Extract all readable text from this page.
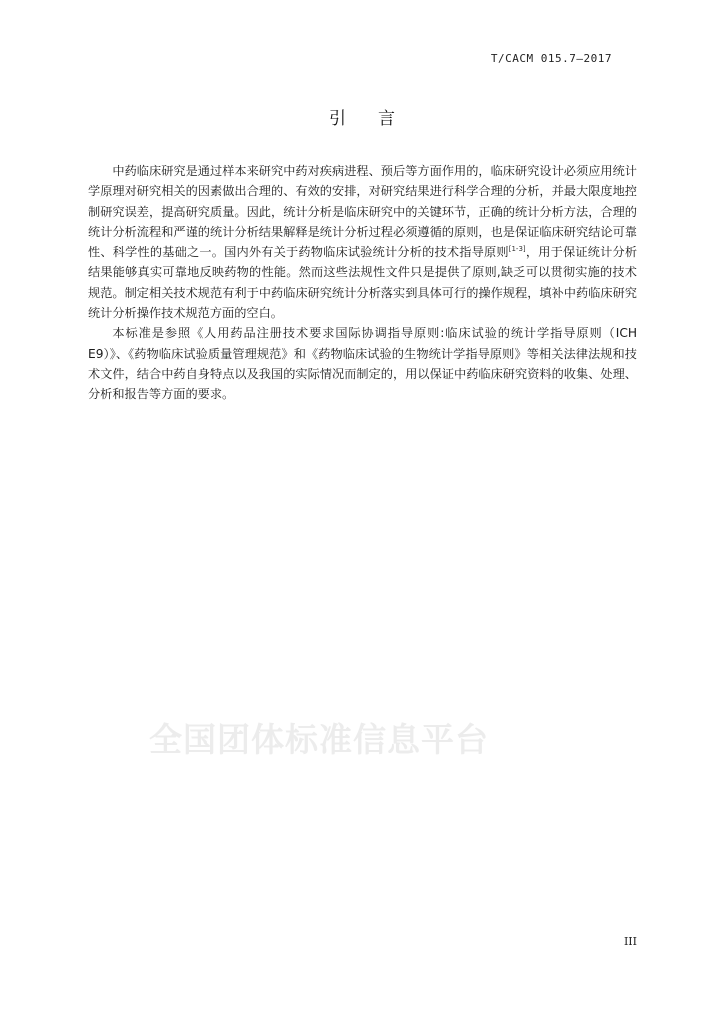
T/CACM 015.7—2017
引言

中药临床研究是通过样本来研究中药对疾病进程、预后等方面作用的，临床研究设计必须应用统计学原理对研究相关的因素做出合理的、有效的安排，对研究结果进行科学合理的分析，并最大限度地控制研究误差，提高研究质量。因此，统计分析是临床研究中的关键环节，正确的统计分析方法，合理的统计分析流程和严谨的统计分析结果解释是统计分析过程必须遵循的原则，也是保证临床研究结论可靠性、科学性的基础之一。国内外有关于药物临床试验统计分析的技术指导原则[1-3]，用于保证统计分析结果能够真实可靠地反映药物的性能。然而这些法规性文件只是提供了原则,缺乏可以贯彻实施的技术规范。制定相关技术规范有利于中药临床研究统计分析落实到具体可行的操作规程，填补中药临床研究统计分析操作技术规范方面的空白。

本标准是参照《人用药品注册技术要求国际协调指导原则:临床试验的统计学指导原则（ICH E9）》、《药物临床试验质量管理规范》和《药物临床试验的生物统计学指导原则》等相关法律法规和技术文件，结合中药自身特点以及我国的实际情况而制定的，用以保证中药临床研究资料的收集、处理、分析和报告等方面的要求。

全国团体标准信息平台
III
